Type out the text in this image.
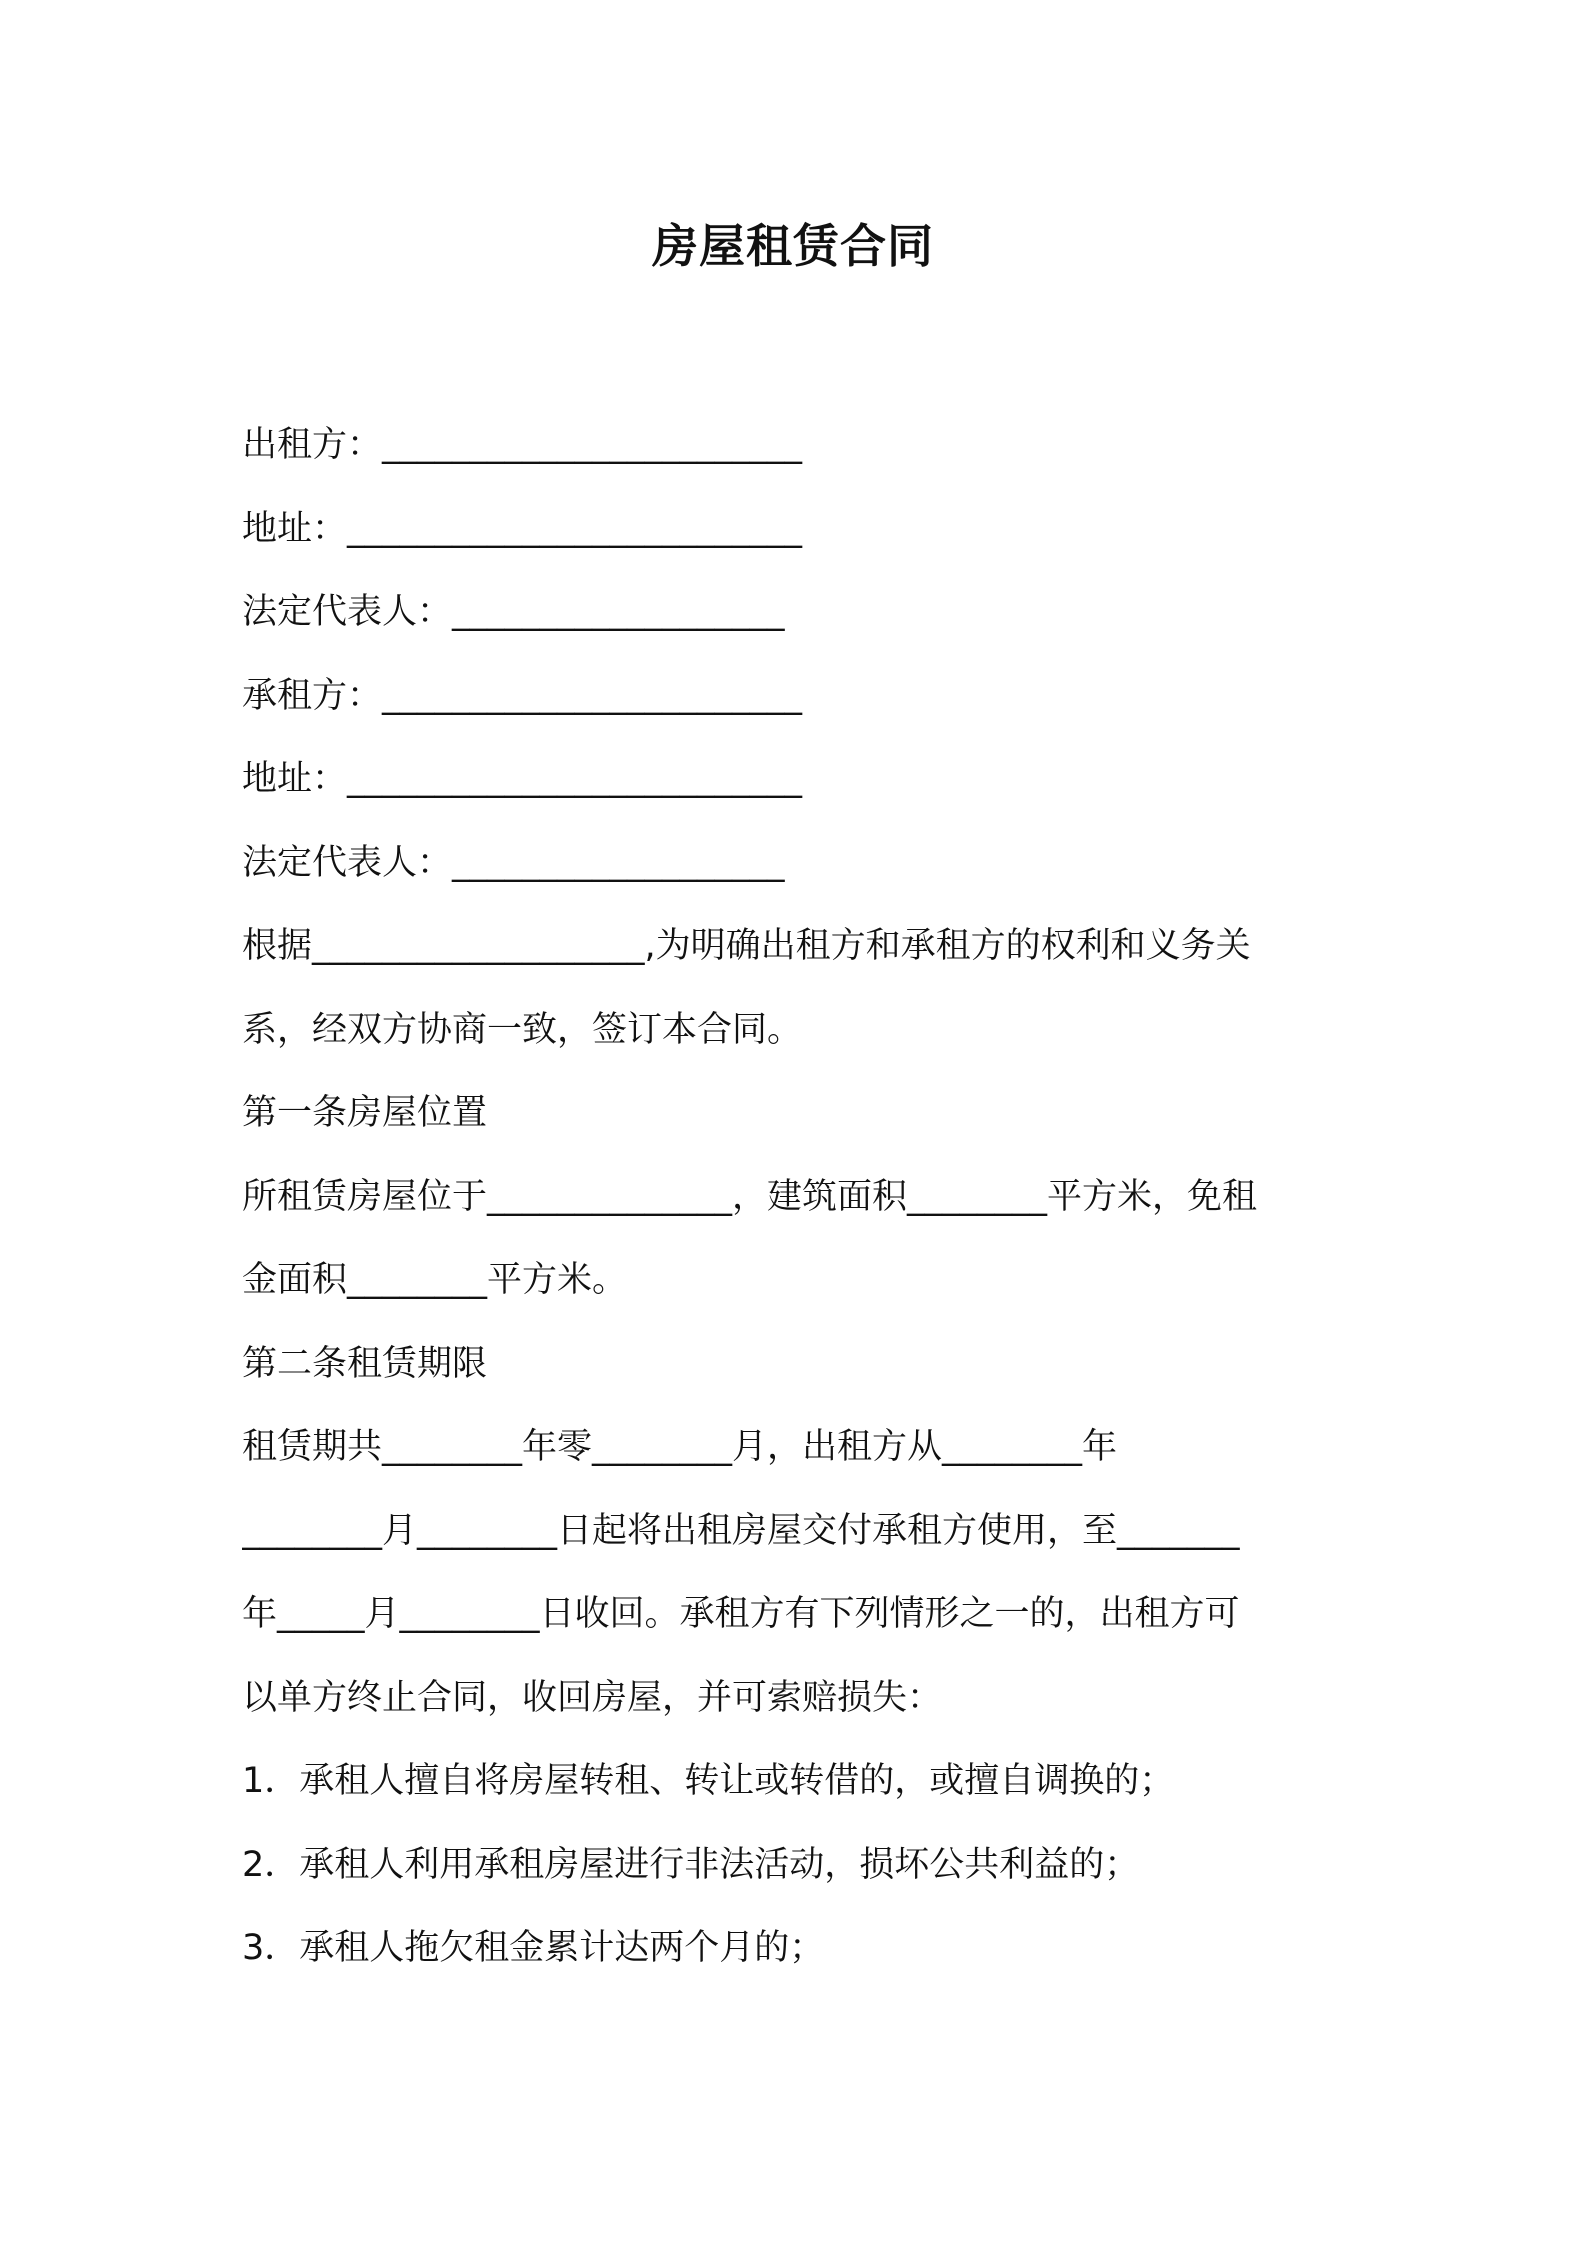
房屋租赁合同
出租方：________________________
地址：__________________________
法定代表人：___________________
承租方：________________________
地址：__________________________
法定代表人：___________________
根据___________________,为明确出租方和承租方的权利和义务关
系，经双方协商一致，签订本合同。
第一条房屋位置
所租赁房屋位于______________，建筑面积________平方米，免租
金面积________平方米。
第二条租赁期限
租赁期共________年零________月，出租方从________年
________月________日起将出租房屋交付承租方使用，至_______
年_____月________日收回。承租方有下列情形之一的，出租方可
以单方终止合同，收回房屋，并可索赔损失：
1．承租人擅自将房屋转租、转让或转借的，或擅自调换的；
2．承租人利用承租房屋进行非法活动，损坏公共利益的；
3．承租人拖欠租金累计达两个月的；
